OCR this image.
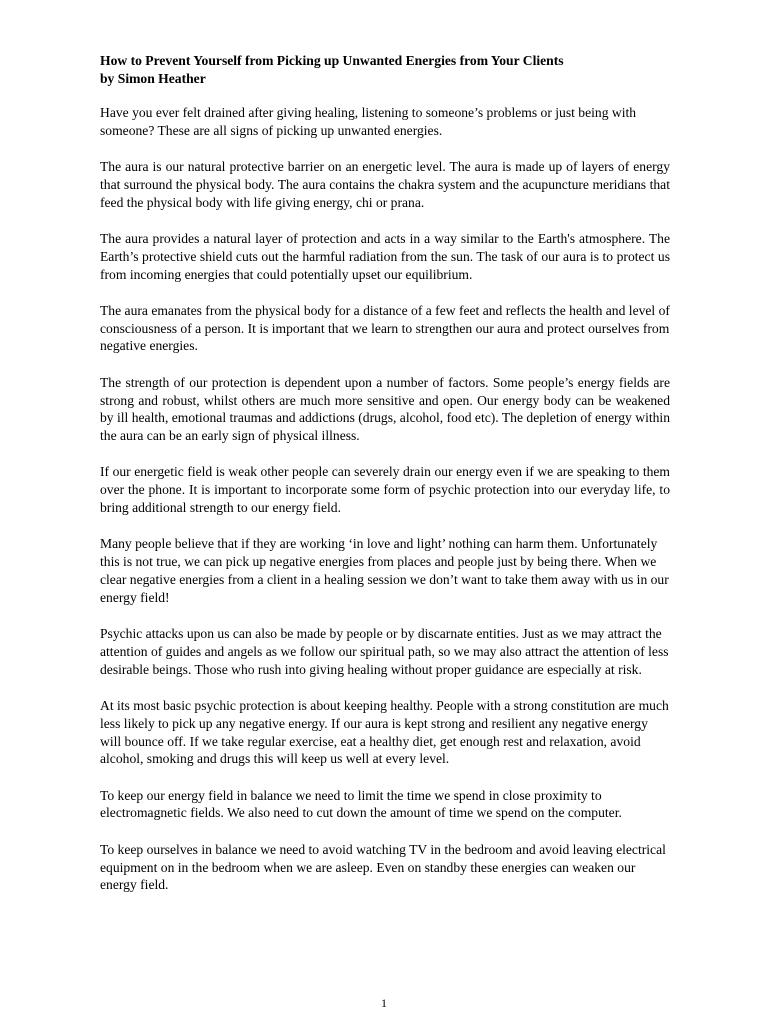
How to Prevent Yourself from Picking up Unwanted Energies from Your Clients
by Simon Heather

Have you ever felt drained after giving healing, listening to someone’s problems or just being with someone? These are all signs of picking up unwanted energies.

The aura is our natural protective barrier on an energetic level. The aura is made up of layers of energy that surround the physical body. The aura contains the chakra system and the acupuncture meridians that feed the physical body with life giving energy, chi or prana.

The aura provides a natural layer of protection and acts in a way similar to the Earth's atmosphere. The Earth’s protective shield cuts out the harmful radiation from the sun. The task of our aura is to protect us from incoming energies that could potentially upset our equilibrium.

The aura emanates from the physical body for a distance of a few feet and reflects the health and level of consciousness of a person. It is important that we learn to strengthen our aura and protect ourselves from negative energies.

The strength of our protection is dependent upon a number of factors. Some people’s energy fields are strong and robust, whilst others are much more sensitive and open. Our energy body can be weakened by ill health, emotional traumas and addictions (drugs, alcohol, food etc). The depletion of energy within the aura can be an early sign of physical illness.

If our energetic field is weak other people can severely drain our energy even if we are speaking to them over the phone. It is important to incorporate some form of psychic protection into our everyday life, to bring additional strength to our energy field.

Many people believe that if they are working ‘in love and light’ nothing can harm them. Unfortunately this is not true, we can pick up negative energies from places and people just by being there. When we clear negative energies from a client in a healing session we don’t want to take them away with us in our energy field!

Psychic attacks upon us can also be made by people or by discarnate entities. Just as we may attract the attention of guides and angels as we follow our spiritual path, so we may also attract the attention of less desirable beings. Those who rush into giving healing without proper guidance are especially at risk.

At its most basic psychic protection is about keeping healthy. People with a strong constitution are much less likely to pick up any negative energy. If our aura is kept strong and resilient any negative energy will bounce off. If we take regular exercise, eat a healthy diet, get enough rest and relaxation, avoid alcohol, smoking and drugs this will keep us well at every level.

To keep our energy field in balance we need to limit the time we spend in close proximity to electromagnetic fields. We also need to cut down the amount of time we spend on the computer.

To keep ourselves in balance we need to avoid watching TV in the bedroom and avoid leaving electrical equipment on in the bedroom when we are asleep. Even on standby these energies can weaken our energy field.

1
